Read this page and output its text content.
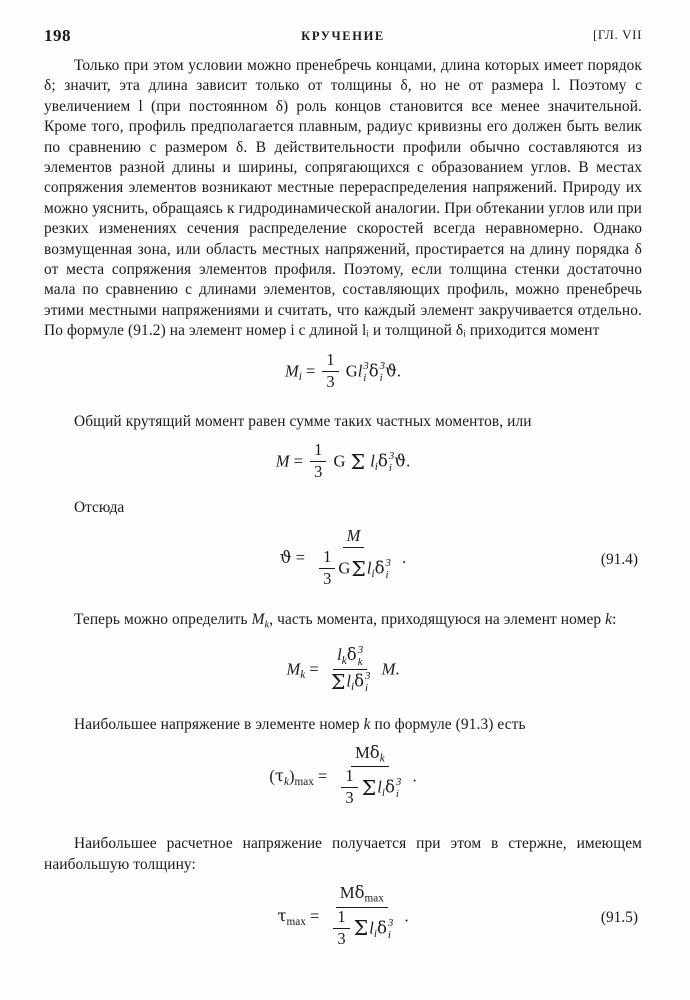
198	КРУЧЕНИЕ	[ГЛ. VII

Только при этом условии можно пренебречь концами, длина которых имеет порядок δ; значит, эта длина зависит только от толщины δ, но не от размера l. Поэтому с увеличением l (при постоянном δ) роль концов становится все менее значительной. Кроме того, профиль предполагается плавным, радиус кривизны его должен быть велик по сравнению с размером δ. В действительности профили обычно составляются из элементов разной длины и ширины, сопрягающихся с образованием углов. В местах сопряжения элементов возникают местные перераспределения напряжений. Природу их можно уяснить, обращаясь к гидродинамической аналогии. При обтекании углов или при резких изменениях сечения распределение скоростей всегда неравномерно. Однако возмущенная зона, или область местных напряжений, простирается на длину порядка δ от места сопряжения элементов профиля. Поэтому, если толщина стенки достаточно мала по сравнению с длинами элементов, составляющих профиль, можно пренебречь этими местными напряжениями и считать, что каждый элемент закручивается отдельно. По формуле (91.2) на элемент номер i с длиной lᵢ и толщиной δᵢ приходится момент

$M_i = \frac{1}{3}$ Gl 3
i δ 3
i ϑ.

Общий крутящий момент равен сумме таких частных моментов, или

$M = \frac{1}{3}$ G Σ $l_i\delta$ 3
i ϑ.

Отсюда

ϑ = M
$\frac{1}{3} G\Sigma l_i\delta$ 3
i .	(91.4)

Теперь можно определить $M_k$, часть момента, приходящуюся на элемент номер k:

$M_k = l_k\delta$ 3
k
$\Sigma l_i\delta$ 3
i M.

Наибольшее напряжение в элементе номер k по формуле (91.3) есть

$(\tau_k)_{max} = M\delta_k$
$\frac{1}{3} \Sigma l_i\delta$ 3
i .

Наибольшее расчетное напряжение получается при этом в стержне, имеющем наибольшую толщину:

$\tau_{max} = M\delta_{max}$
$\frac{1}{3} \Sigma l_i\delta$ 3
i .	(91.5)
